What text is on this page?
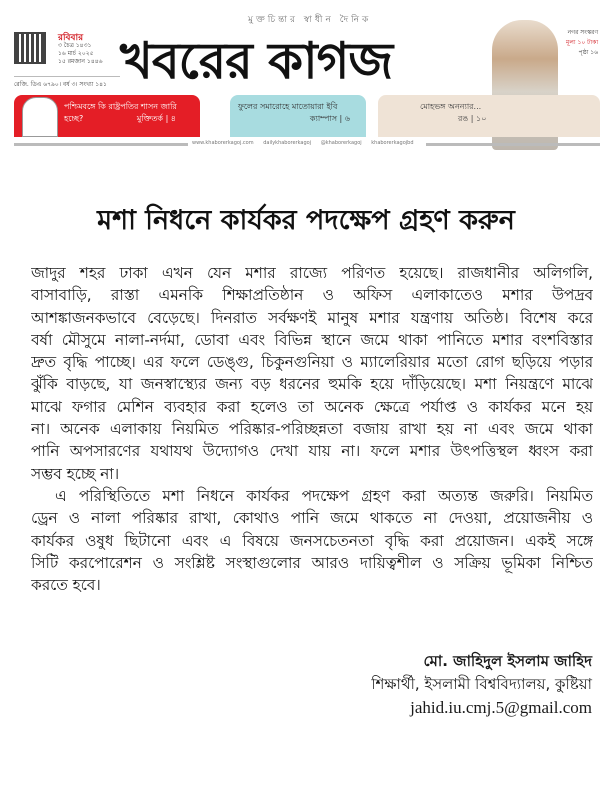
মুক্তচিন্তার স্বাধীন দৈনিক
খবরের কাগজ
রবিবার
৩ চৈত্র ১৪৩১
১৬ মার্চ ২০২৫
১৫ রমজান ১৪৪৬
রেজি. ডিএ ৬৭৯০। বর্ষ ৩। সংখ্যা ১৪১
নগর সংস্করণ
মূল্য ১০ টাকা
পৃষ্ঠা ১৬
পশ্চিমবঙ্গে কি রাষ্ট্রপতির শাসন জারি হচ্ছে?	মুক্তিতর্ক | ৪
ফুলের সমারোহে মাতোয়ারা ইবি
ক্যাম্পাস | ৬
মোহভঙ্গ অনন্যার...
রঙ | ১০
www.khaborerkagoj.com dailykhaborerkagoj @khaborerkagoj khaborerkagojbd
মশা নিধনে কার্যকর পদক্ষেপ গ্রহণ করুন
জাদুর শহর ঢাকা এখন যেন মশার রাজ্যে পরিণত হয়েছে। রাজধানীর অলিগলি,
বাসাবাড়ি, রাস্তা এমনকি শিক্ষাপ্রতিষ্ঠান ও অফিস এলাকাতেও মশার উপদ্রব
আশঙ্কাজনকভাবে বেড়েছে। দিনরাত সর্বক্ষণই মানুষ মশার যন্ত্রণায় অতিষ্ঠ। বিশেষ করে
বর্ষা মৌসুমে নালা-নর্দমা, ডোবা এবং বিভিন্ন স্থানে জমে থাকা পানিতে মশার বংশবিস্তার
দ্রুত বৃদ্ধি পাচ্ছে। এর ফলে ডেঙ্গু, চিকুনগুনিয়া ও ম্যালেরিয়ার মতো রোগ ছড়িয়ে পড়ার
ঝুঁকি বাড়ছে, যা জনস্বাস্থ্যের জন্য বড় ধরনের হুমকি হয়ে দাঁড়িয়েছে। মশা নিয়ন্ত্রণে মাঝে
মাঝে ফগার মেশিন ব্যবহার করা হলেও তা অনেক ক্ষেত্রে পর্যাপ্ত ও কার্যকর মনে হয়
না। অনেক এলাকায় নিয়মিত পরিষ্কার-পরিচ্ছন্নতা বজায় রাখা হয় না এবং জমে থাকা
পানি অপসারণের যথাযথ উদ্যোগও দেখা যায় না। ফলে মশার উৎপত্তিস্থল ধ্বংস করা
সম্ভব হচ্ছে না।
এ পরিস্থিতিতে মশা নিধনে কার্যকর পদক্ষেপ গ্রহণ করা অত্যন্ত জরুরি। নিয়মিত
ড্রেন ও নালা পরিষ্কার রাখা, কোথাও পানি জমে থাকতে না দেওয়া, প্রয়োজনীয় ও
কার্যকর ওষুধ ছিটানো এবং এ বিষয়ে জনসচেতনতা বৃদ্ধি করা প্রয়োজন। একই সঙ্গে
সিটি করপোরেশন ও সংশ্লিষ্ট সংস্থাগুলোর আরও দায়িত্বশীল ও সক্রিয় ভূমিকা নিশ্চিত
করতে হবে।
মো. জাহিদুল ইসলাম জাহিদ
শিক্ষার্থী, ইসলামী বিশ্ববিদ্যালয়, কুষ্টিয়া
jahid.iu.cmj.5@gmail.com
